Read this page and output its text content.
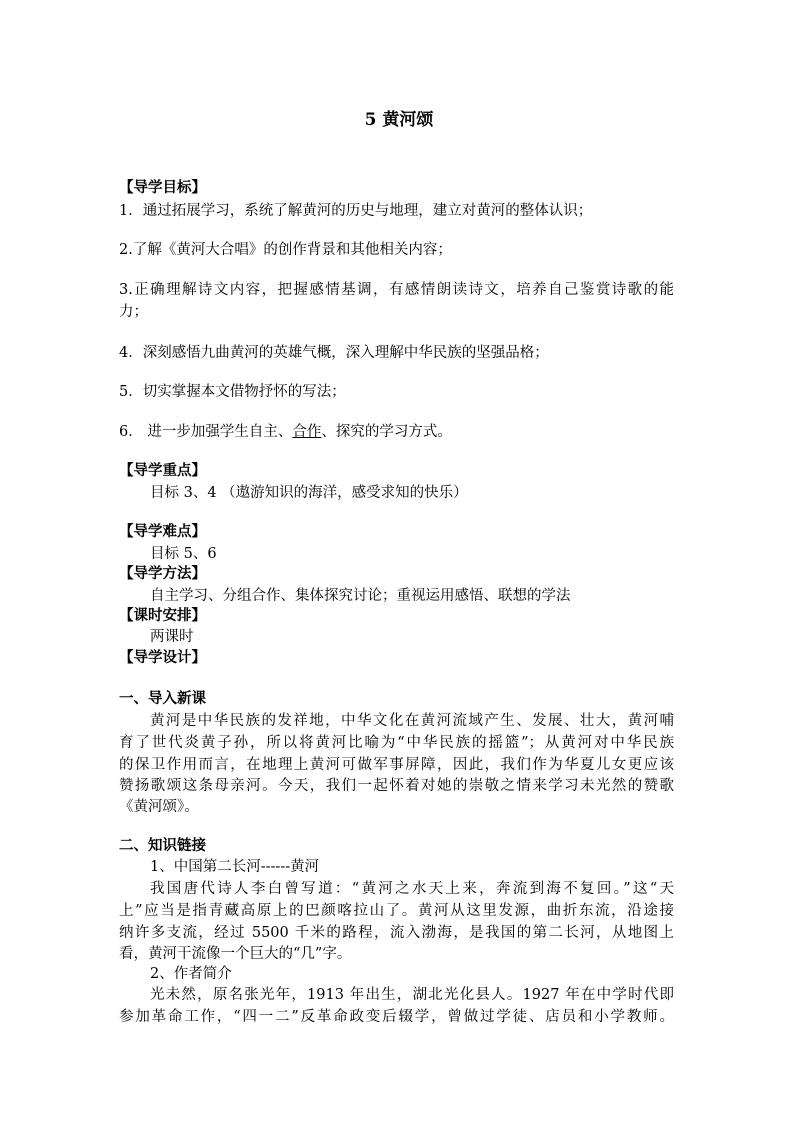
5 黄河颂
【导学目标】
1．通过拓展学习，系统了解黄河的历史与地理，建立对黄河的整体认识；
2.了解《黄河大合唱》的创作背景和其他相关内容；
3.正确理解诗文内容，把握感情基调，有感情朗读诗文，培养自己鉴赏诗歌的能
力；
4．深刻感悟九曲黄河的英雄气概，深入理解中华民族的坚强品格；
5．切实掌握本文借物抒怀的写法；
6． 进一步加强学生自主、合作、探究的学习方式。
【导学重点】
目标 3、4 （遨游知识的海洋，感受求知的快乐）
【导学难点】
目标 5、6
【导学方法】
自主学习、分组合作、集体探究讨论；重视运用感悟、联想的学法
【课时安排】
两课时
【导学设计】
一、导入新课
黄河是中华民族的发祥地，中华文化在黄河流域产生、发展、壮大，黄河哺
育了世代炎黄子孙，所以将黄河比喻为“中华民族的摇篮”；从黄河对中华民族
的保卫作用而言，在地理上黄河可做军事屏障，因此，我们作为华夏儿女更应该
赞扬歌颂这条母亲河。今天，我们一起怀着对她的崇敬之情来学习未光然的赞歌
《黄河颂》。
二、知识链接
1、中国第二长河------黄河
我国唐代诗人李白曾写道：“黄河之水天上来，奔流到海不复回。”这“天
上”应当是指青藏高原上的巴颜喀拉山了。黄河从这里发源，曲折东流，沿途接
纳许多支流，经过 5500 千米的路程，流入渤海，是我国的第二长河，从地图上
看，黄河干流像一个巨大的“几”字。
2、作者简介
光未然，原名张光年，1913 年出生，湖北光化县人。1927 年在中学时代即
参加革命工作，“四一二”反革命政变后辍学，曾做过学徒、店员和小学教师。
